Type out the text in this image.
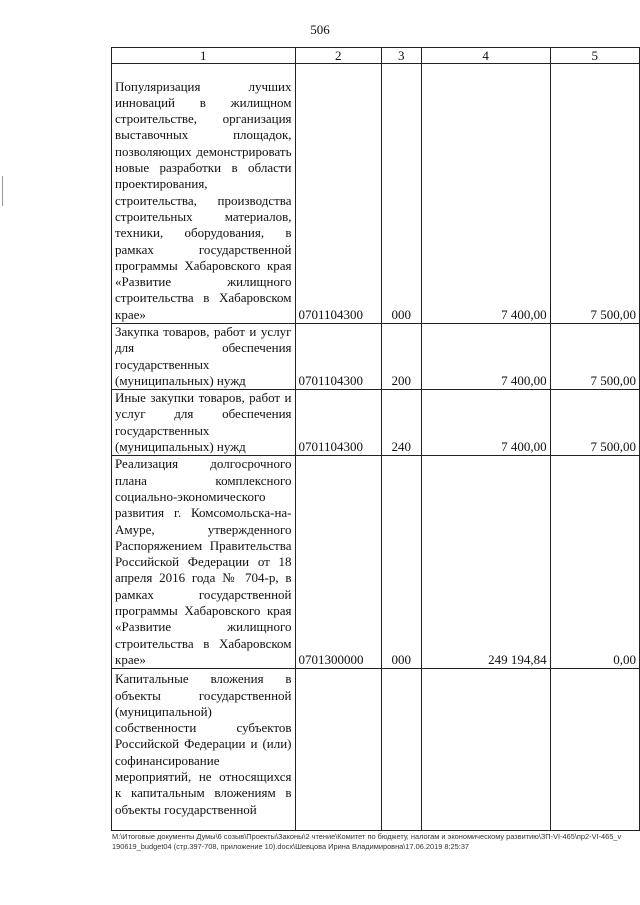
506
1	2	3	4	5
Популяризация лучших инноваций в жилищном строительстве, организация выставочных площадок, позволяющих демонстрировать новые разработки в области проектирования, строительства, производства строительных материалов, техники, оборудования, в рамках государственной программы Хабаровского края «Развитие жилищного строительства в Хабаровском крае»	0701104300	000	7 400,00	7 500,00
Закупка товаров, работ и услуг для обеспечения государственных (муниципальных) нужд	0701104300	200	7 400,00	7 500,00
Иные закупки товаров, работ и услуг для обеспечения государственных (муниципальных) нужд	0701104300	240	7 400,00	7 500,00
Реализация долгосрочного плана комплексного социально-экономического развития г. Комсомольска-на-Амуре, утвержденного Распоряжением Правительства Российской Федерации от 18 апреля 2016 года № 704-р, в рамках государственной программы Хабаровского края «Развитие жилищного строительства в Хабаровском крае»	0701300000	000	249 194,84	0,00
Капитальные вложения в объекты государственной (муниципальной) собственности субъектов Российской Федерации и (или) софинансирование мероприятий, не относящихся к капитальным вложениям в объекты государственной				
M:\Итоговые документы Думы\6 созыв\Проекты\Законы\2 чтение\Комитет по бюджету, налогам и экономическому развитию\ЗП-VI-465\пр2-VI-465_v190619_budget04 (стр.397-708, приложение 10).docx\Шевцова Ирина Владимировна\17.06.2019 8:25:37
